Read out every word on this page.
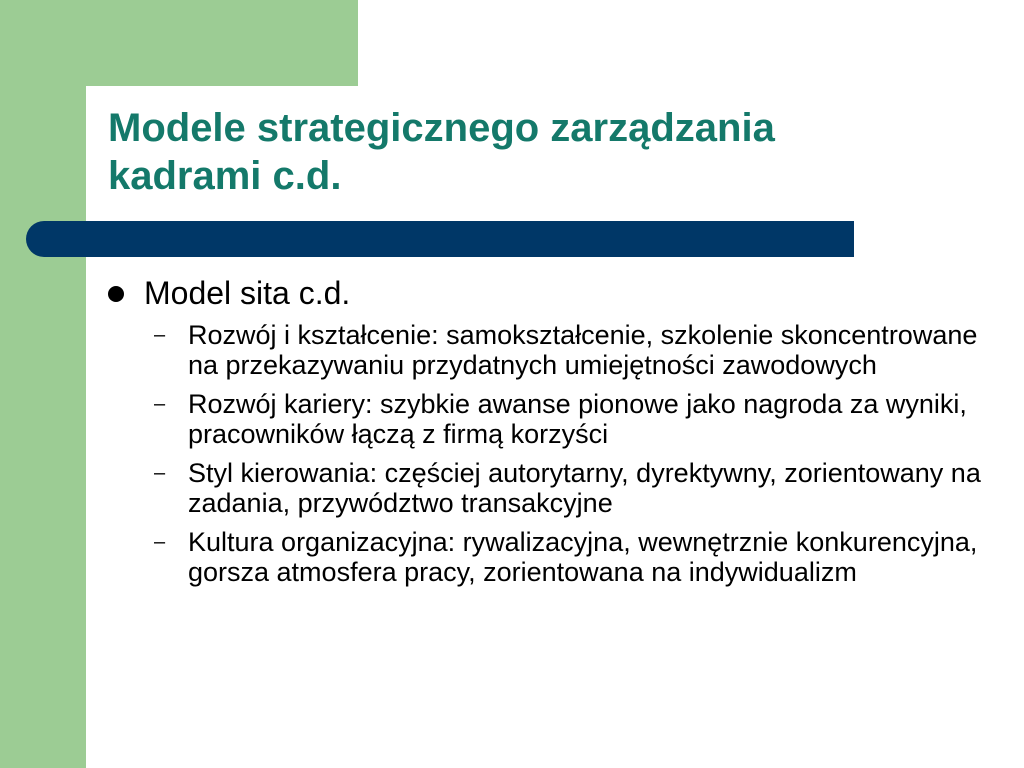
Modele strategicznego zarządzania kadrami c.d.
Model sita c.d.
– Rozwój i kształcenie: samokształcenie, szkolenie skoncentrowane na przekazywaniu przydatnych umiejętności zawodowych
– Rozwój kariery: szybkie awanse pionowe jako nagroda za wyniki, pracowników łączą z firmą korzyści
– Styl kierowania: częściej autorytarny, dyrektywny, zorientowany na zadania, przywództwo transakcyjne
– Kultura organizacyjna: rywalizacyjna, wewnętrznie konkurencyjna, gorsza atmosfera pracy, zorientowana na indywidualizm
